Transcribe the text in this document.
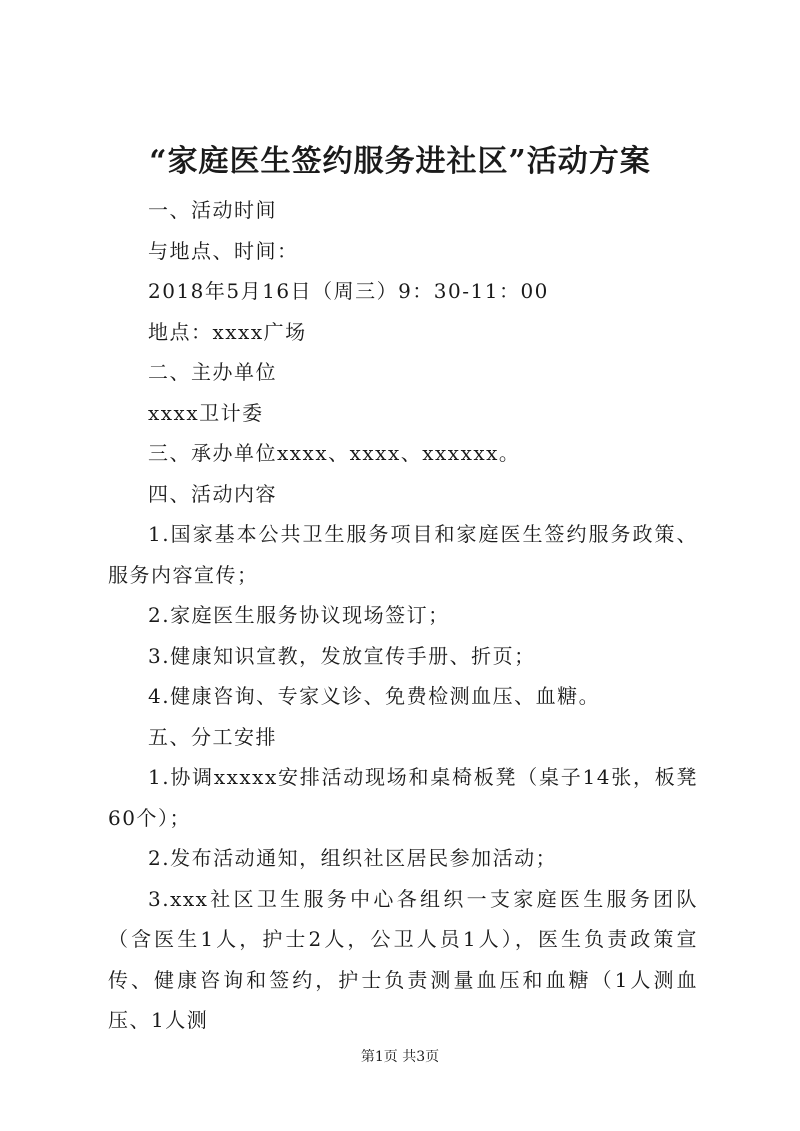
“家庭医生签约服务进社区”活动方案

一、活动时间

与地点、时间：

2018年5月16日（周三）9：30-11：00

地点：xxxx广场

二、主办单位

xxxx卫计委

三、承办单位xxxx、xxxx、xxxxxx。

四、活动内容

1.国家基本公共卫生服务项目和家庭医生签约服务政策、服务内容宣传；

2.家庭医生服务协议现场签订；

3.健康知识宣教，发放宣传手册、折页；

4.健康咨询、专家义诊、免费检测血压、血糖。

五、分工安排

1.协调xxxxx安排活动现场和桌椅板凳（桌子14张，板凳60个）；

2.发布活动通知，组织社区居民参加活动；

3.xxx社区卫生服务中心各组织一支家庭医生服务团队（含医生1人，护士2人，公卫人员1人），医生负责政策宣传、健康咨询和签约，护士负责测量血压和血糖（1人测血压、1人测

第1页 共3页
